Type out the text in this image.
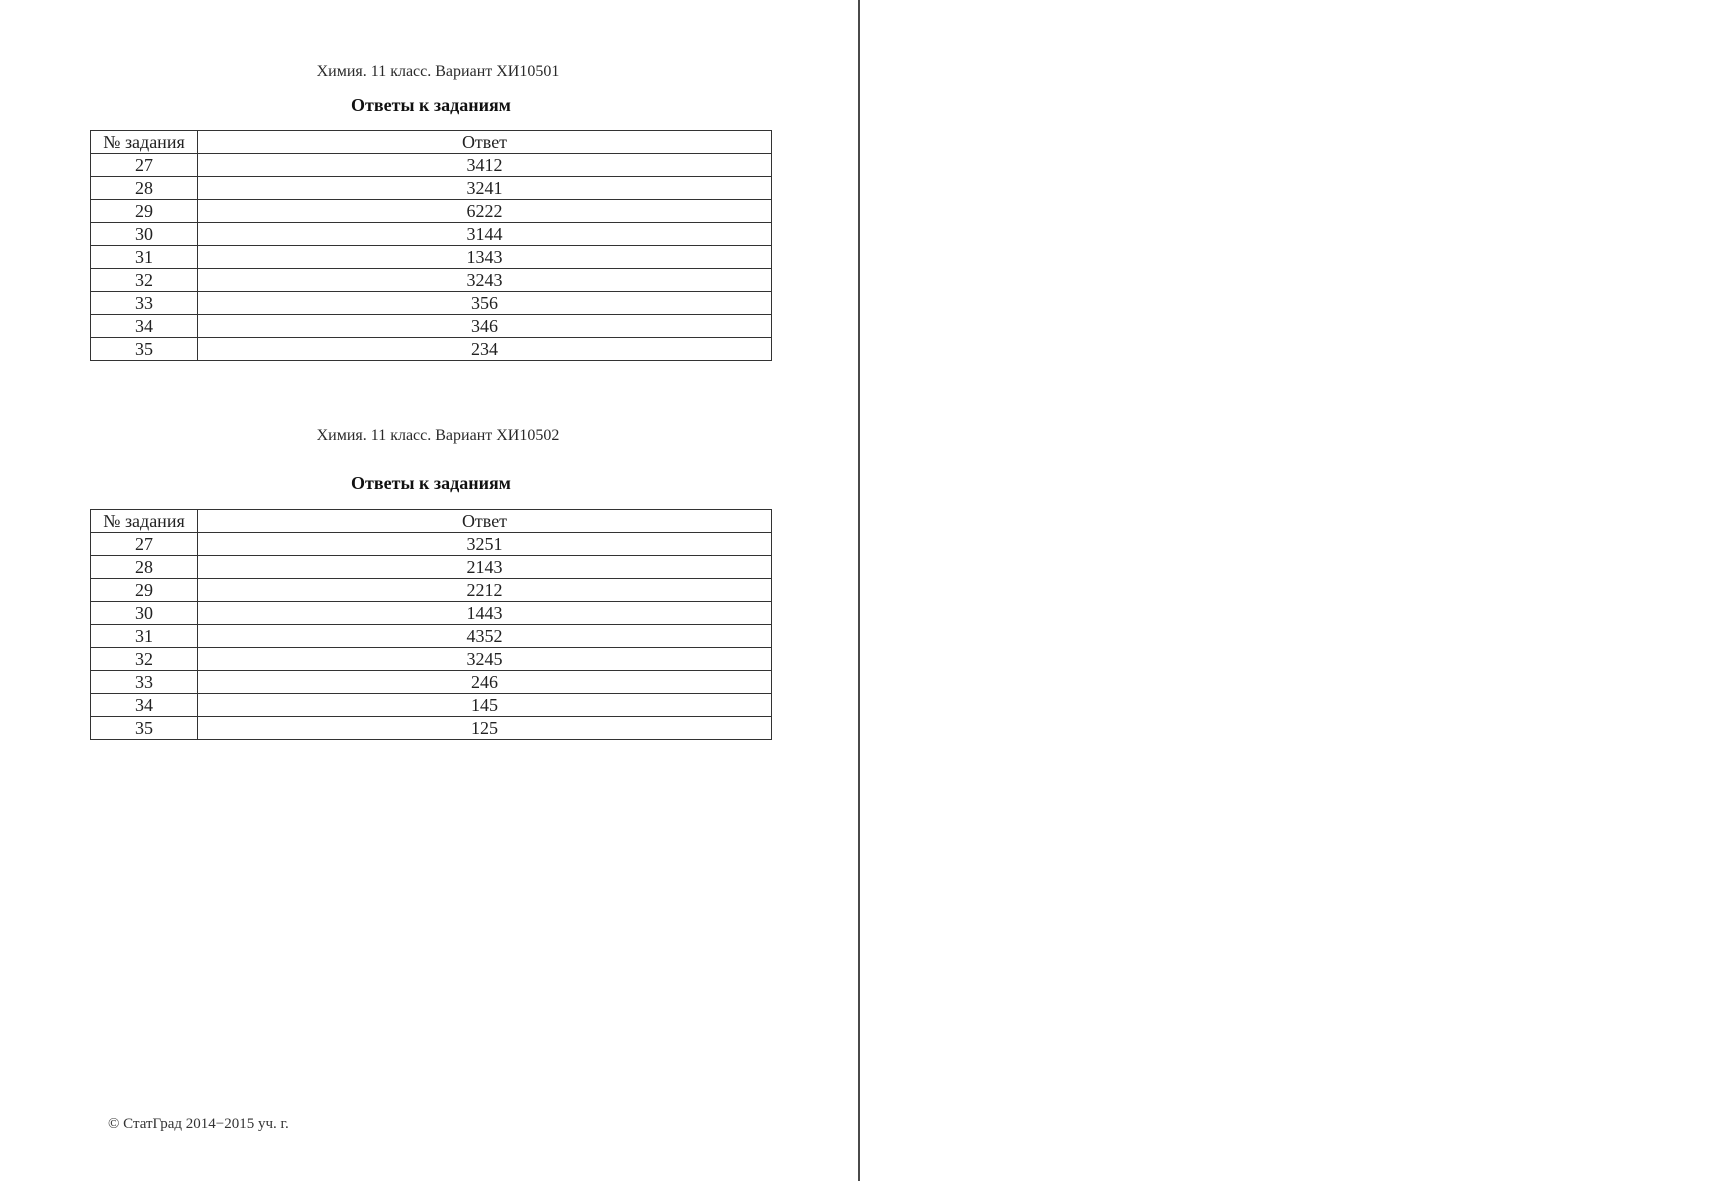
Химия. 11 класс. Вариант ХИ10501
Ответы к заданиям
№ задания	Ответ
27	3412
28	3241
29	6222
30	3144
31	1343
32	3243
33	356
34	346
35	234
Химия. 11 класс. Вариант ХИ10502
Ответы к заданиям
№ задания	Ответ
27	3251
28	2143
29	2212
30	1443
31	4352
32	3245
33	246
34	145
35	125
© СтатГрад 2014−2015 уч. г.
